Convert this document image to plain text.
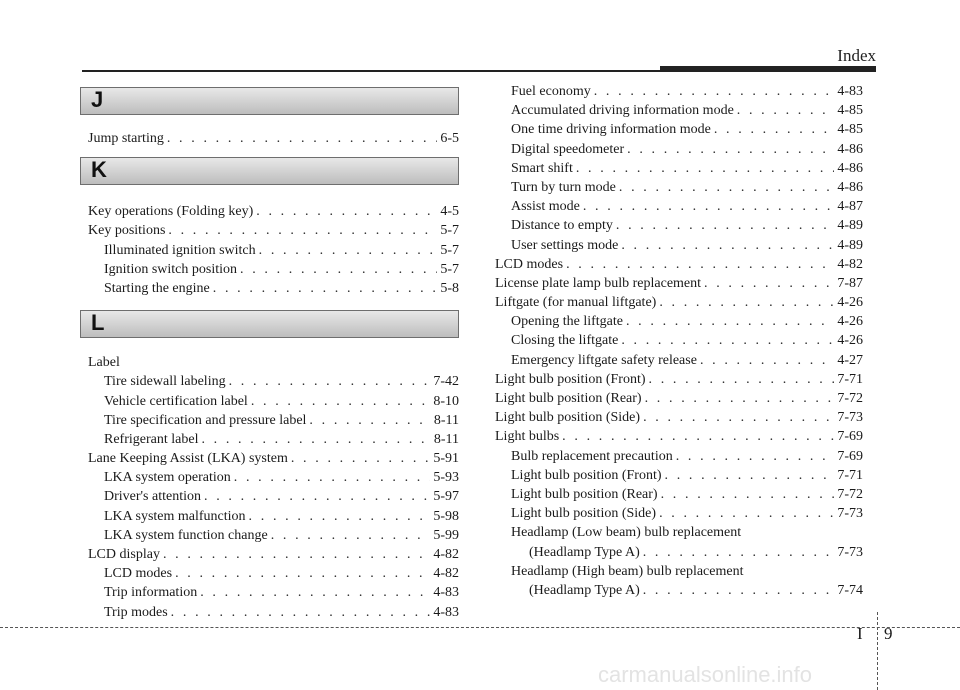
Index
J
Jump starting . . .	6-5
K
Key operations (Folding key) . . .	4-5
Key positions . . .	5-7
Illuminated ignition switch . . .	5-7
Ignition switch position . . .	5-7
Starting the engine . . .	5-8
L
Label
Tire sidewall labeling . . .	7-42
Vehicle certification label . . .	8-10
Tire specification and pressure label . . .	8-11
Refrigerant label . . .	8-11
Lane Keeping Assist (LKA) system . . .	5-91
LKA system operation . . .	5-93
Driver's attention . . .	5-97
LKA system malfunction . . .	5-98
LKA system function change . . .	5-99
LCD display . . .	4-82
LCD modes . . .	4-82
Trip information . . .	4-83
Trip modes . . .	4-83
Fuel economy . . .	4-83
Accumulated driving information mode . . .	4-85
One time driving information mode . . .	4-85
Digital speedometer . . .	4-86
Smart shift . . .	4-86
Turn by turn mode . . .	4-86
Assist mode . . .	4-87
Distance to empty . . .	4-89
User settings mode . . .	4-89
LCD modes . . .	4-82
License plate lamp bulb replacement . . .	7-87
Liftgate (for manual liftgate) . . .	4-26
Opening the liftgate . . .	4-26
Closing the liftgate . . .	4-26
Emergency liftgate safety release . . .	4-27
Light bulb position (Front) . . .	7-71
Light bulb position (Rear) . . .	7-72
Light bulb position (Side) . . .	7-73
Light bulbs . . .	7-69
Bulb replacement precaution . . .	7-69
Light bulb position (Front) . . .	7-71
Light bulb position (Rear) . . .	7-72
Light bulb position (Side) . . .	7-73
Headlamp (Low beam) bulb replacement
(Headlamp Type A) . . .	7-73
Headlamp (High beam) bulb replacement
(Headlamp Type A) . . .	7-74
I 9
carmanualsonline.info
